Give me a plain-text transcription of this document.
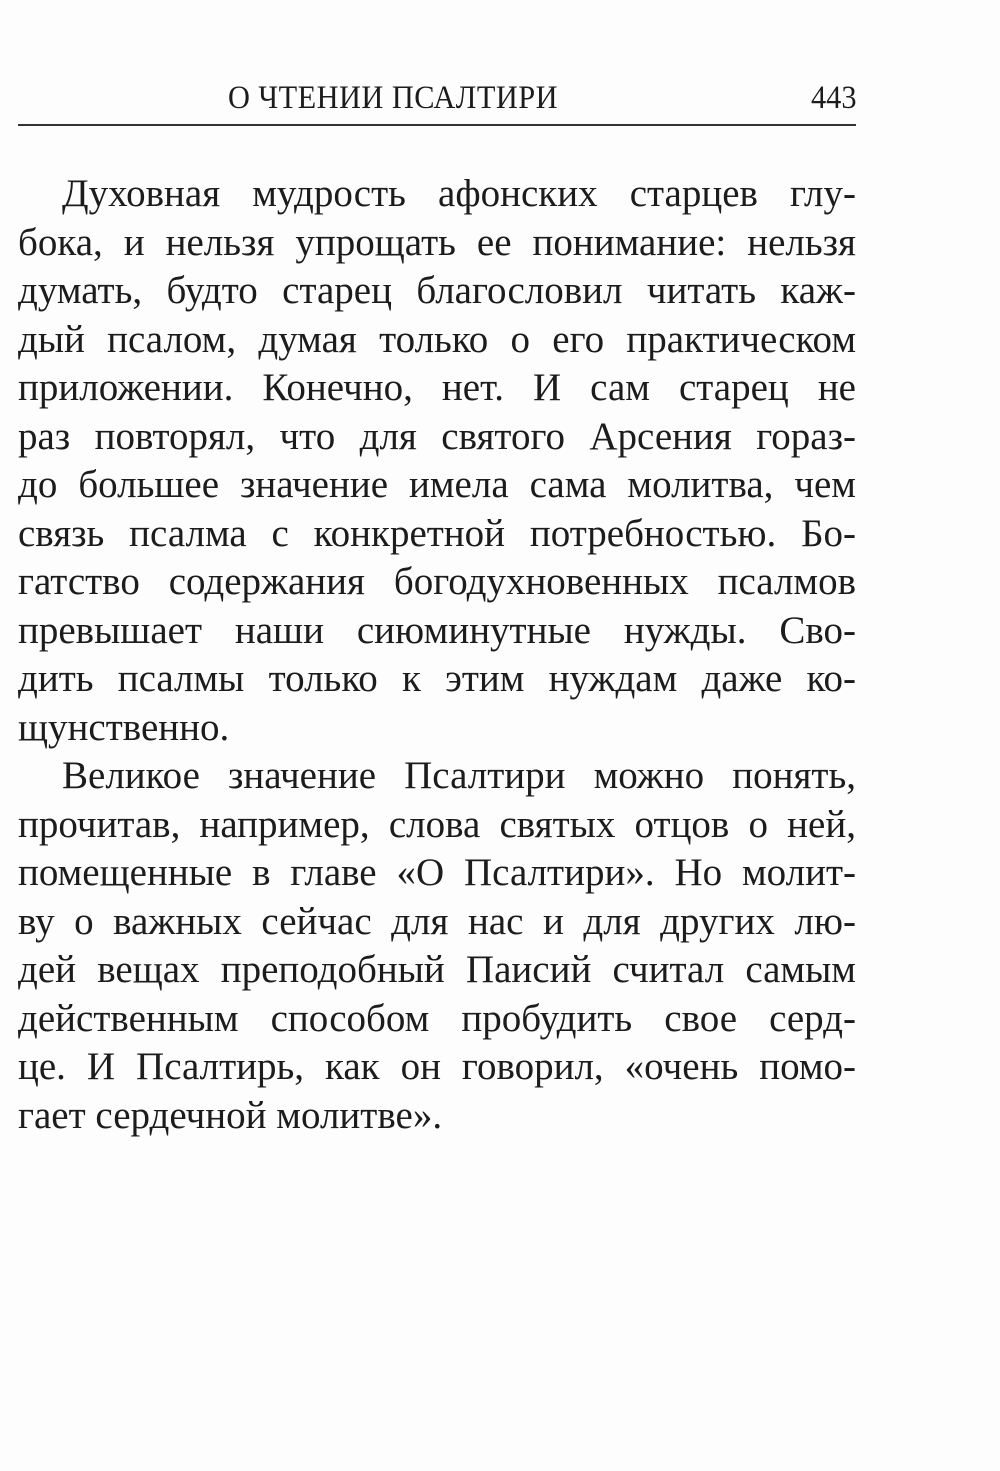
О ЧТЕНИИ ПСАЛТИРИ	443
Духовная мудрость афонских старцев глу-
бока, и нельзя упрощать ее понимание: нельзя
думать, будто старец благословил читать каж-
дый псалом, думая только о его практическом
приложении. Конечно, нет. И сам старец не
раз повторял, что для святого Арсения гораз-
до большее значение имела сама молитва, чем
связь псалма с конкретной потребностью. Бо-
гатство содержания богодухновенных псалмов
превышает наши сиюминутные нужды. Сво-
дить псалмы только к этим нуждам даже ко-
щунственно.
Великое значение Псалтири можно понять,
прочитав, например, слова святых отцов о ней,
помещенные в главе «О Псалтири». Но молит-
ву о важных сейчас для нас и для других лю-
дей вещах преподобный Паисий считал самым
действенным способом пробудить свое серд-
це. И Псалтирь, как он говорил, «очень помо-
гает сердечной молитве».
